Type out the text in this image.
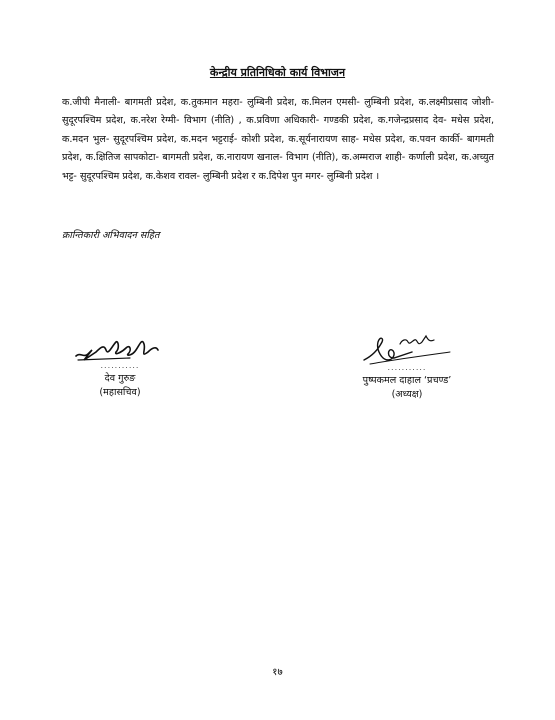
केन्द्रीय प्रतिनिधिको कार्य विभाजन
क.जीपी मैनाली- बागमती प्रदेश, क.तुकमान महरा- लुम्बिनी प्रदेश, क.मिलन एमसी- लुम्बिनी प्रदेश, क.लक्ष्मीप्रसाद जोशी- सुदूरपश्चिम प्रदेश, क.नरेश रेग्मी- विभाग (नीति) , क.प्रविणा अधिकारी- गण्डकी प्रदेश, क.गजेन्द्रप्रसाद देव- मधेस प्रदेश, क.मदन भुल- सुदूरपश्चिम प्रदेश, क.मदन भट्टराई- कोशी प्रदेश, क.सूर्यनारायण साह- मधेस प्रदेश, क.पवन कार्की- बागमती प्रदेश, क.क्षितिज सापकोटा- बागमती प्रदेश, क.नारायण खनाल- विभाग (नीति), क.अम्मराज शाही- कर्णाली प्रदेश, क.अच्युत भट्ट- सुदूरपश्चिम प्रदेश, क.केशव रावल- लुम्बिनी प्रदेश र क.दिपेश पुन मगर- लुम्बिनी प्रदेश ।
क्रान्तिकारी अभिवादन सहित
...........
देव गुरुङ
(महासचिव)
...........
पुष्पकमल दाहाल ‘प्रचण्ड’
(अध्यक्ष)
१७
